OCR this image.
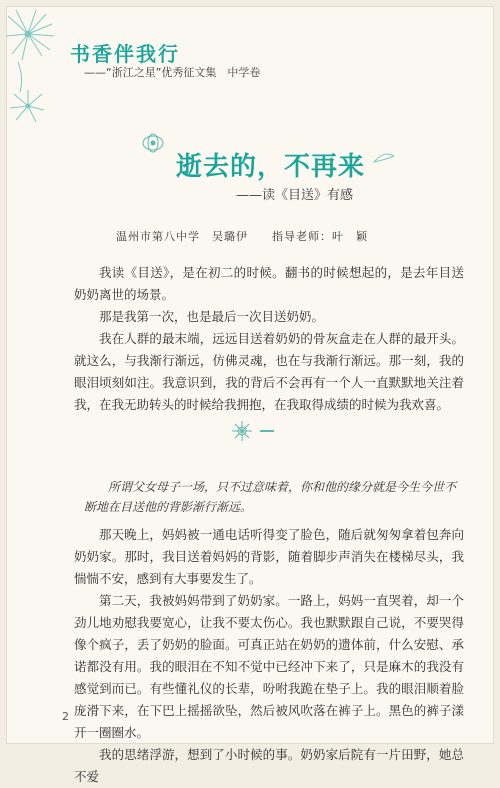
书香伴我行
——“浙江之星”优秀征文集　中学卷
逝去的，不再来
——读《目送》有感
温州市第八中学　吴璐伊　　指导老师：叶　颖

我读《目送》，是在初二的时候。翻书的时候想起的，是去年目送奶奶离世的场景。

那是我第一次，也是最后一次目送奶奶。

我在人群的最末端，远远目送着奶奶的骨灰盒走在人群的最开头。就这么，与我渐行渐远，仿佛灵魂，也在与我渐行渐远。那一刻，我的眼泪顷刻如注。我意识到，我的背后不会再有一个人一直默默地关注着我，在我无助转头的时候给我拥抱，在我取得成绩的时候为我欢喜。

所谓父女母子一场，只不过意味着，你和他的缘分就是今生今世不断地在目送他的背影渐行渐远。

那天晚上，妈妈被一通电话听得变了脸色，随后就匆匆拿着包奔向奶奶家。那时，我目送着妈妈的背影，随着脚步声消失在楼梯尽头，我惴惴不安，感到有大事要发生了。

第二天，我被妈妈带到了奶奶家。一路上，妈妈一直哭着，却一个劲儿地劝慰我要宽心，让我不要太伤心。我也默默跟自己说，不要哭得像个疯子，丢了奶奶的脸面。可真正站在奶奶的遗体前，什么安慰、承诺都没有用。我的眼泪在不知不觉中已经冲下来了，只是麻木的我没有感觉到而已。有些懂礼仪的长辈，吩咐我跪在垫子上。我的眼泪顺着脸庞滑下来，在下巴上摇摇欲坠，然后被风吹落在裤子上。黑色的裤子漾开一圈圈水。

我的思绪浮游，想到了小时候的事。奶奶家后院有一片田野，她总不爱

2
